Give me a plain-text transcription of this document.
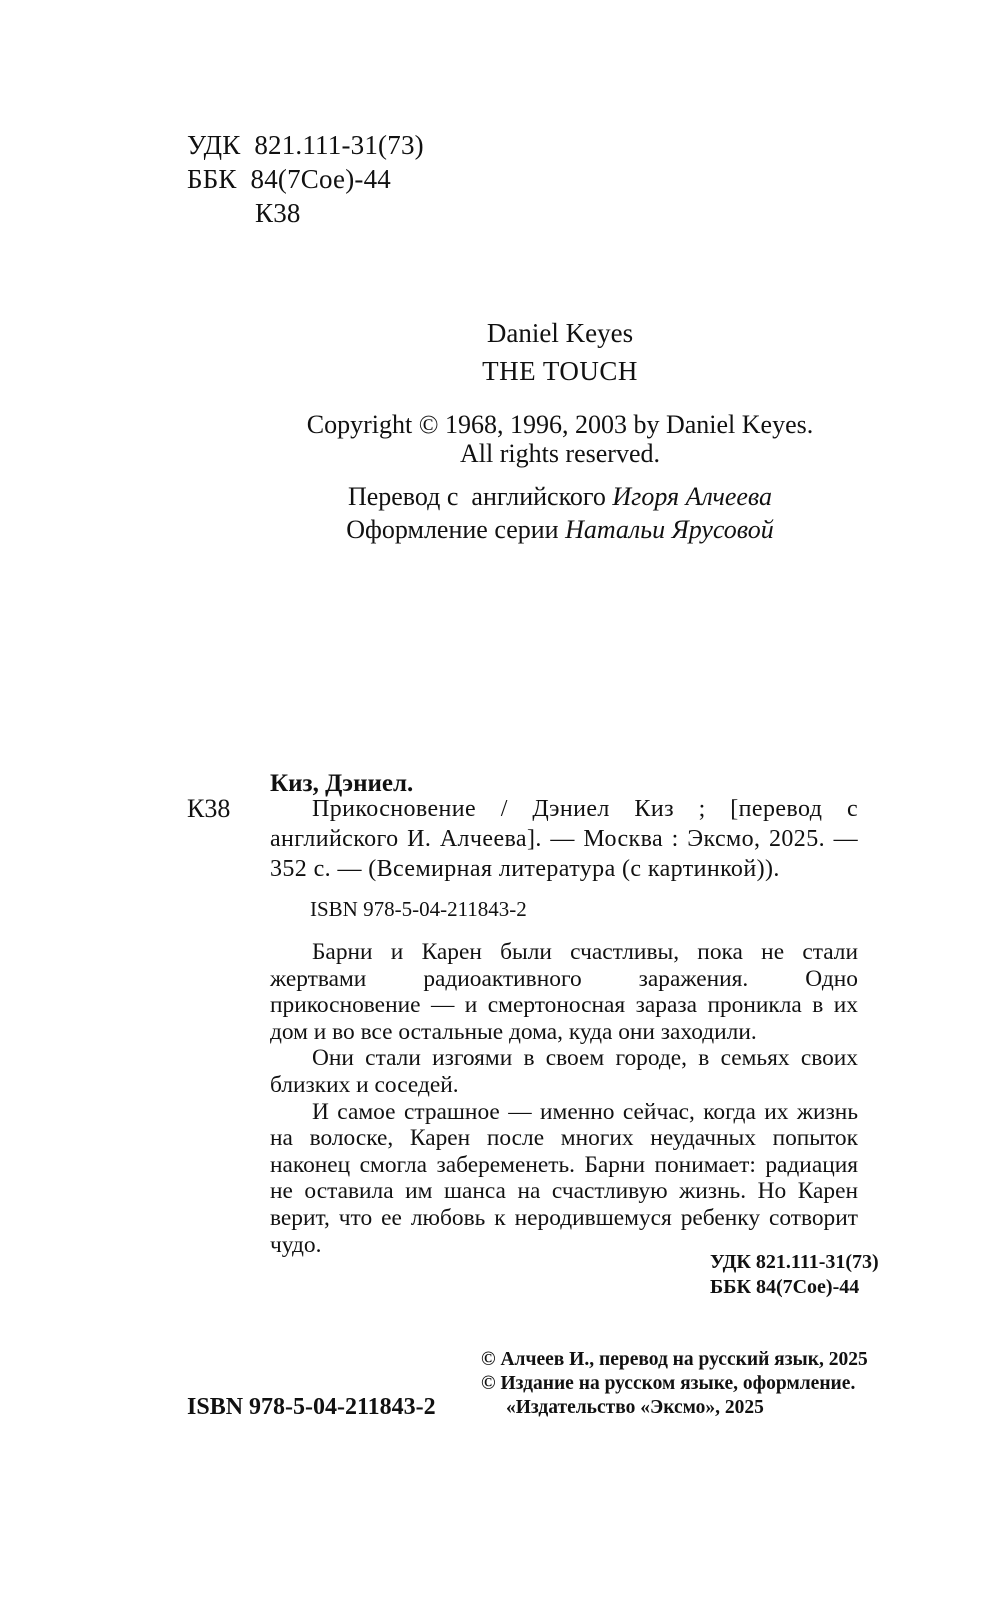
УДК  821.111-31(73)
ББК  84(7Сое)-44
К38
Daniel Keyes
THE TOUCH
Copyright © 1968, 1996, 2003 by Daniel Keyes.
All rights reserved.
Перевод с  английского Игоря Алчеева
Оформление серии Натальи Ярусовой
К38
Киз, Дэниел.
Прикосновение / Дэниел Киз ; [перевод с английского И. Алчеева]. — Москва : Эксмо, 2025. — 352 с. — (Всемирная литература (с картинкой)).
ISBN 978-5-04-211843-2

Барни и Карен были счастливы, пока не стали жертвами радиоактивного заражения. Одно прикосновение — и смертоносная зараза проникла в их дом и во все остальные дома, куда они заходили.

Они стали изгоями в своем городе, в семьях своих близких и соседей.

И самое страшное — именно сейчас, когда их жизнь на волоске, Карен после многих неудачных попыток наконец смогла забеременеть. Барни понимает: радиация не оставила им шанса на счастливую жизнь. Но Карен верит, что ее любовь к неродившемуся ребенку сотворит чудо.

УДК 821.111-31(73)
ББК 84(7Сое)-44
© Алчеев И., перевод на русский язык, 2025
© Издание на русском языке, оформление.
«Издательство «Эксмо», 2025
ISBN 978-5-04-211843-2
